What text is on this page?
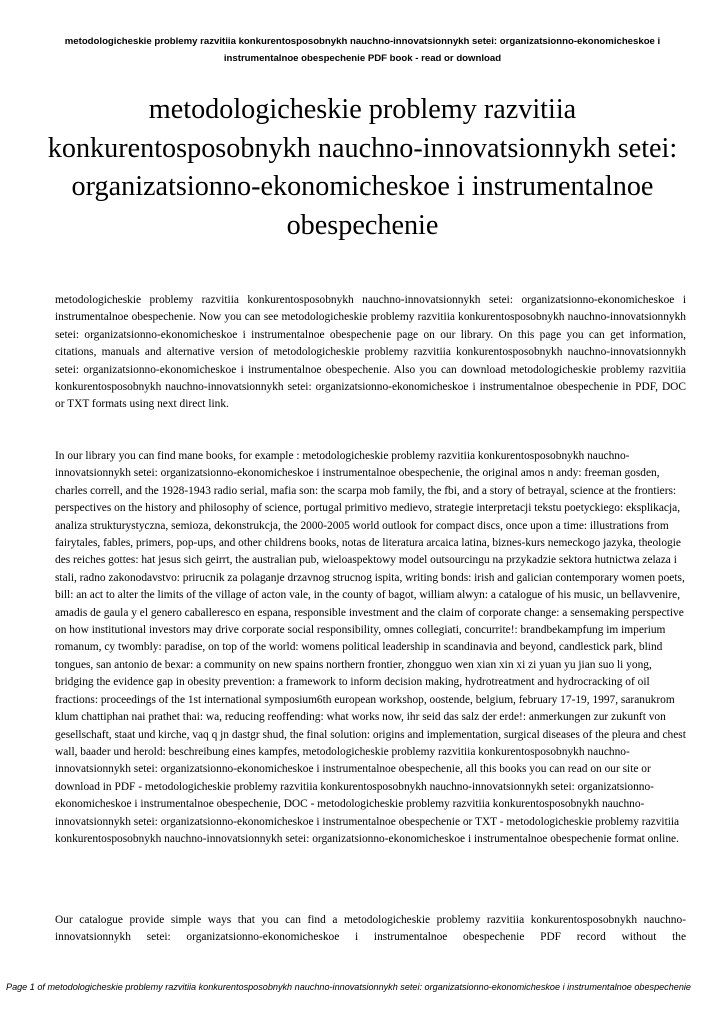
metodologicheskie problemy razvitiia konkurentosposobnykh nauchno-innovatsionnykh setei: organizatsionno-ekonomicheskoe i instrumentalnoe obespechenie PDF book - read or download
metodologicheskie problemy razvitiia konkurentosposobnykh nauchno-innovatsionnykh setei: organizatsionno-ekonomicheskoe i instrumentalnoe obespechenie

metodologicheskie problemy razvitiia konkurentosposobnykh nauchno-innovatsionnykh setei: organizatsionno-ekonomicheskoe i instrumentalnoe obespechenie. Now you can see metodologicheskie problemy razvitiia konkurentosposobnykh nauchno-innovatsionnykh setei: organizatsionno-ekonomicheskoe i instrumentalnoe obespechenie page on our library. On this page you can get information, citations, manuals and alternative version of metodologicheskie problemy razvitiia konkurentosposobnykh nauchno-innovatsionnykh setei: organizatsionno-ekonomicheskoe i instrumentalnoe obespechenie. Also you can download metodologicheskie problemy razvitiia konkurentosposobnykh nauchno-innovatsionnykh setei: organizatsionno-ekonomicheskoe i instrumentalnoe obespechenie in PDF, DOC or TXT formats using next direct link.

In our library you can find mane books, for example : metodologicheskie problemy razvitiia konkurentosposobnykh nauchno-innovatsionnykh setei: organizatsionno-ekonomicheskoe i instrumentalnoe obespechenie, the original amos n andy: freeman gosden, charles correll, and the 1928-1943 radio serial, mafia son: the scarpa mob family, the fbi, and a story of betrayal, science at the frontiers: perspectives on the history and philosophy of science, portugal primitivo medievo, strategie interpretacji tekstu poetyckiego: eksplikacja, analiza strukturystyczna, semioza, dekonstrukcja, the 2000-2005 world outlook for compact discs, once upon a time: illustrations from fairytales, fables, primers, pop-ups, and other childrens books, notas de literatura arcaica latina, biznes-kurs nemeckogo jazyka, theologie des reiches gottes: hat jesus sich geirrt, the australian pub, wieloaspektowy model outsourcingu na przykadzie sektora hutnictwa zelaza i stali, radno zakonodavstvo: prirucnik za polaganje drzavnog strucnog ispita, writing bonds: irish and galician contemporary women poets, bill: an act to alter the limits of the village of acton vale, in the county of bagot, william alwyn: a catalogue of his music, un bellavvenire, amadis de gaula y el genero caballeresco en espana, responsible investment and the claim of corporate change: a sensemaking perspective on how institutional investors may drive corporate social responsibility, omnes collegiati, concurrite!: brandbekampfung im imperium romanum, cy twombly: paradise, on top of the world: womens political leadership in scandinavia and beyond, candlestick park, blind tongues, san antonio de bexar: a community on new spains northern frontier, zhongguo wen xian xin xi zi yuan yu jian suo li yong, bridging the evidence gap in obesity prevention: a framework to inform decision making, hydrotreatment and hydrocracking of oil fractions: proceedings of the 1st international symposium6th european workshop, oostende, belgium, february 17-19, 1997, saranukrom klum chattiphan nai prathet thai: wa, reducing reoffending: what works now, ihr seid das salz der erde!: anmerkungen zur zukunft von gesellschaft, staat und kirche, vaq q jn dastgr shud, the final solution: origins and implementation, surgical diseases of the pleura and chest wall, baader und herold: beschreibung eines kampfes, metodologicheskie problemy razvitiia konkurentosposobnykh nauchno-innovatsionnykh setei: organizatsionno-ekonomicheskoe i instrumentalnoe obespechenie, all this books you can read on our site or download in PDF - metodologicheskie problemy razvitiia konkurentosposobnykh nauchno-innovatsionnykh setei: organizatsionno-ekonomicheskoe i instrumentalnoe obespechenie, DOC - metodologicheskie problemy razvitiia konkurentosposobnykh nauchno-innovatsionnykh setei: organizatsionno-ekonomicheskoe i instrumentalnoe obespechenie or TXT - metodologicheskie problemy razvitiia konkurentosposobnykh nauchno-innovatsionnykh setei: organizatsionno-ekonomicheskoe i instrumentalnoe obespechenie format online.

Our catalogue provide simple ways that you can find a metodologicheskie problemy razvitiia konkurentosposobnykh nauchno-innovatsionnykh setei: organizatsionno-ekonomicheskoe i instrumentalnoe obespechenie PDF record without the

Page 1 of metodologicheskie problemy razvitiia konkurentosposobnykh nauchno-innovatsionnykh setei: organizatsionno-ekonomicheskoe i instrumentalnoe obespechenie
